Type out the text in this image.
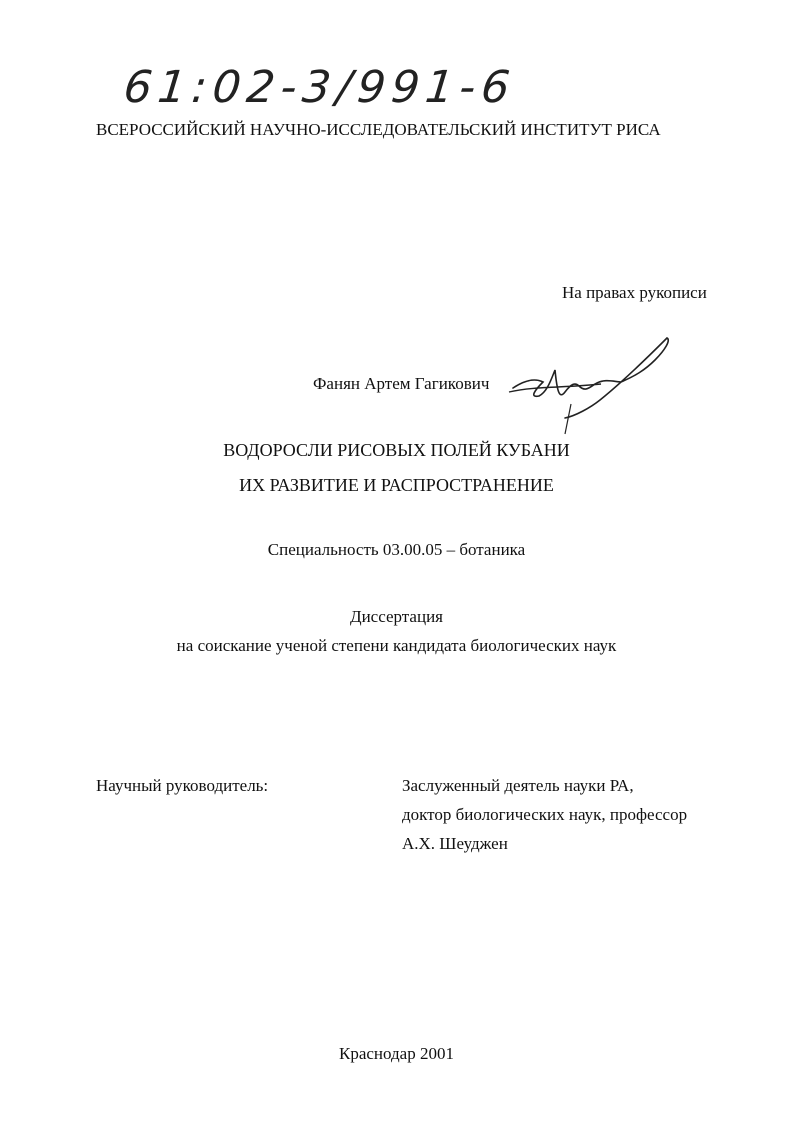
61:02-3/991-6
ВСЕРОССИЙСКИЙ НАУЧНО-ИССЛЕДОВАТЕЛЬСКИЙ ИНСТИТУТ РИСА
На правах рукописи
Фанян Артем Гагикович
ВОДОРОСЛИ РИСОВЫХ ПОЛЕЙ КУБАНИ
ИХ РАЗВИТИЕ И РАСПРОСТРАНЕНИЕ
Специальность 03.00.05 – ботаника
Диссертация
на соискание ученой степени кандидата биологических наук
Научный руководитель:	Заслуженный деятель науки РА,
доктор биологических наук, профессор
А.Х. Шеуджен
Краснодар 2001
